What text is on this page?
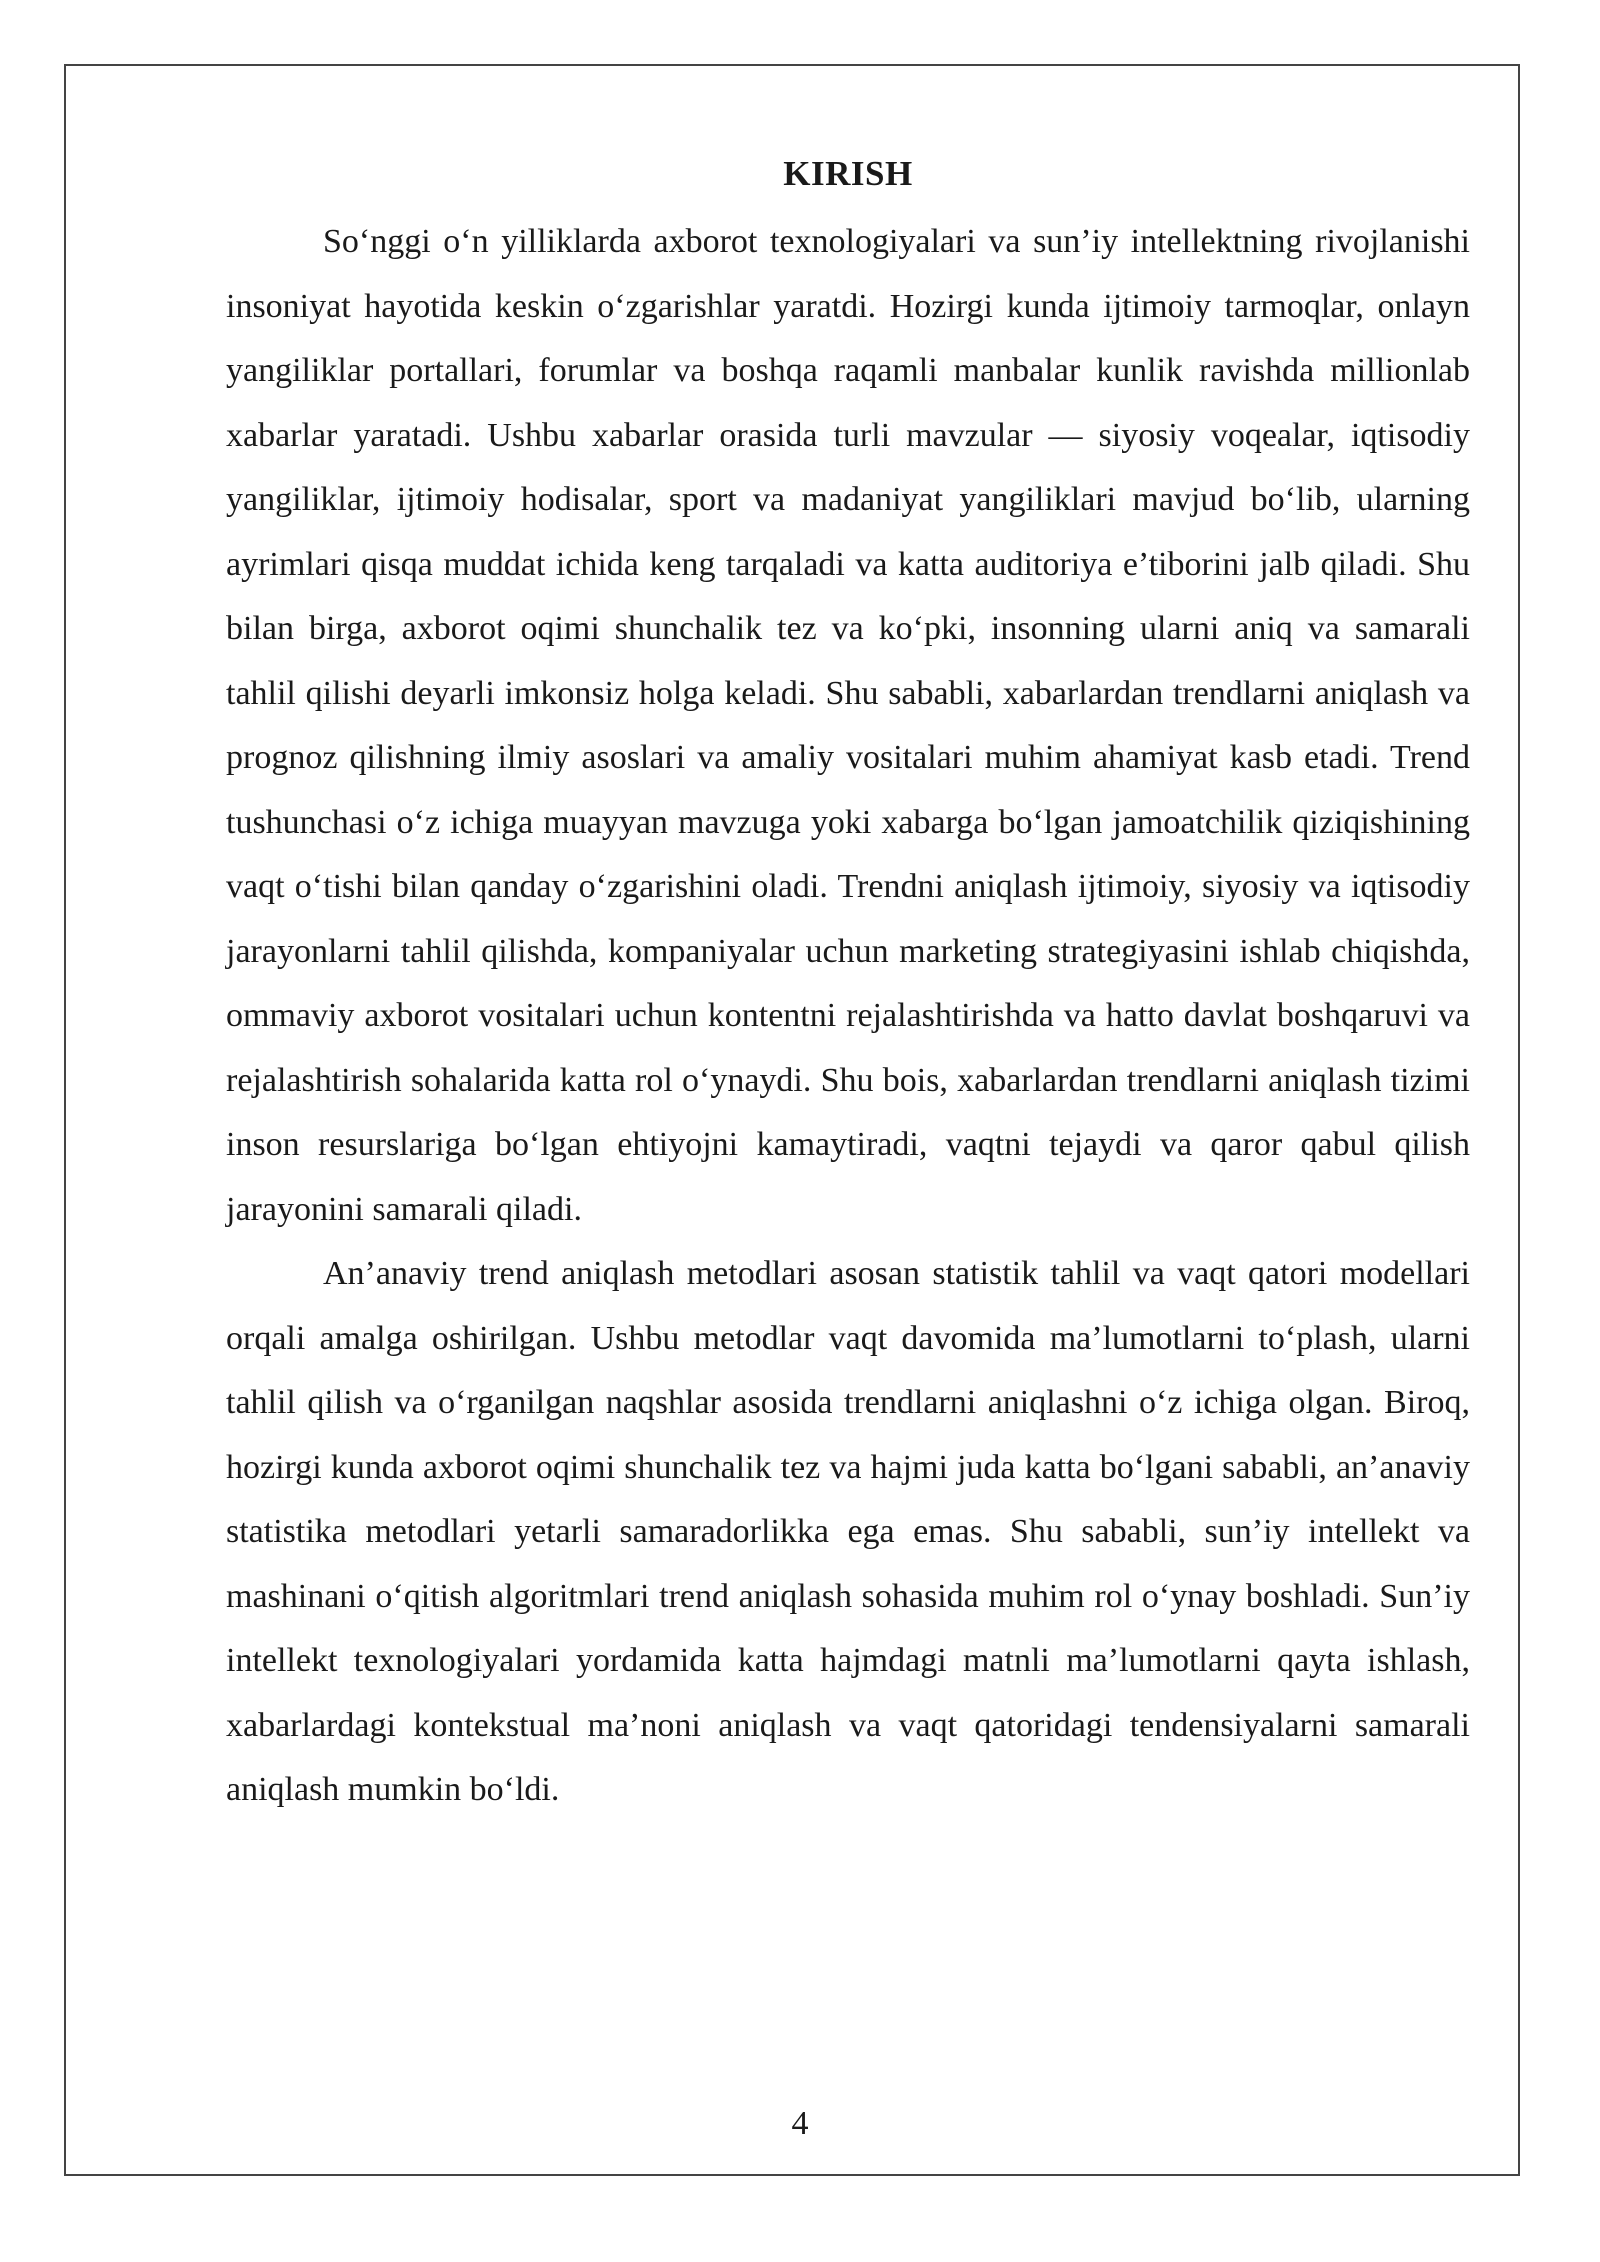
KIRISH

So‘nggi o‘n yilliklarda axborot texnologiyalari va sun’iy intellektning rivojlanishi insoniyat hayotida keskin o‘zgarishlar yaratdi. Hozirgi kunda ijtimoiy tarmoqlar, onlayn yangiliklar portallari, forumlar va boshqa raqamli manbalar kunlik ravishda millionlab xabarlar yaratadi. Ushbu xabarlar orasida turli mavzular — siyosiy voqealar, iqtisodiy yangiliklar, ijtimoiy hodisalar, sport va madaniyat yangiliklari mavjud bo‘lib, ularning ayrimlari qisqa muddat ichida keng tarqaladi va katta auditoriya e’tiborini jalb qiladi. Shu bilan birga, axborot oqimi shunchalik tez va ko‘pki, insonning ularni aniq va samarali tahlil qilishi deyarli imkonsiz holga keladi. Shu sababli, xabarlardan trendlarni aniqlash va prognoz qilishning ilmiy asoslari va amaliy vositalari muhim ahamiyat kasb etadi. Trend tushunchasi o‘z ichiga muayyan mavzuga yoki xabarga bo‘lgan jamoatchilik qiziqishining vaqt o‘tishi bilan qanday o‘zgarishini oladi. Trendni aniqlash ijtimoiy, siyosiy va iqtisodiy jarayonlarni tahlil qilishda, kompaniyalar uchun marketing strategiyasini ishlab chiqishda, ommaviy axborot vositalari uchun kontentni rejalashtirishda va hatto davlat boshqaruvi va rejalashtirish sohalarida katta rol o‘ynaydi. Shu bois, xabarlardan trendlarni aniqlash tizimi inson resurslariga bo‘lgan ehtiyojni kamaytiradi, vaqtni tejaydi va qaror qabul qilish jarayonini samarali qiladi.

An’anaviy trend aniqlash metodlari asosan statistik tahlil va vaqt qatori modellari orqali amalga oshirilgan. Ushbu metodlar vaqt davomida ma’lumotlarni to‘plash, ularni tahlil qilish va o‘rganilgan naqshlar asosida trendlarni aniqlashni o‘z ichiga olgan. Biroq, hozirgi kunda axborot oqimi shunchalik tez va hajmi juda katta bo‘lgani sababli, an’anaviy statistika metodlari yetarli samaradorlikka ega emas. Shu sababli, sun’iy intellekt va mashinani o‘qitish algoritmlari trend aniqlash sohasida muhim rol o‘ynay boshladi. Sun’iy intellekt texnologiyalari yordamida katta hajmdagi matnli ma’lumotlarni qayta ishlash, xabarlardagi kontekstual ma’noni aniqlash va vaqt qatoridagi tendensiyalarni samarali aniqlash mumkin bo‘ldi.

4
